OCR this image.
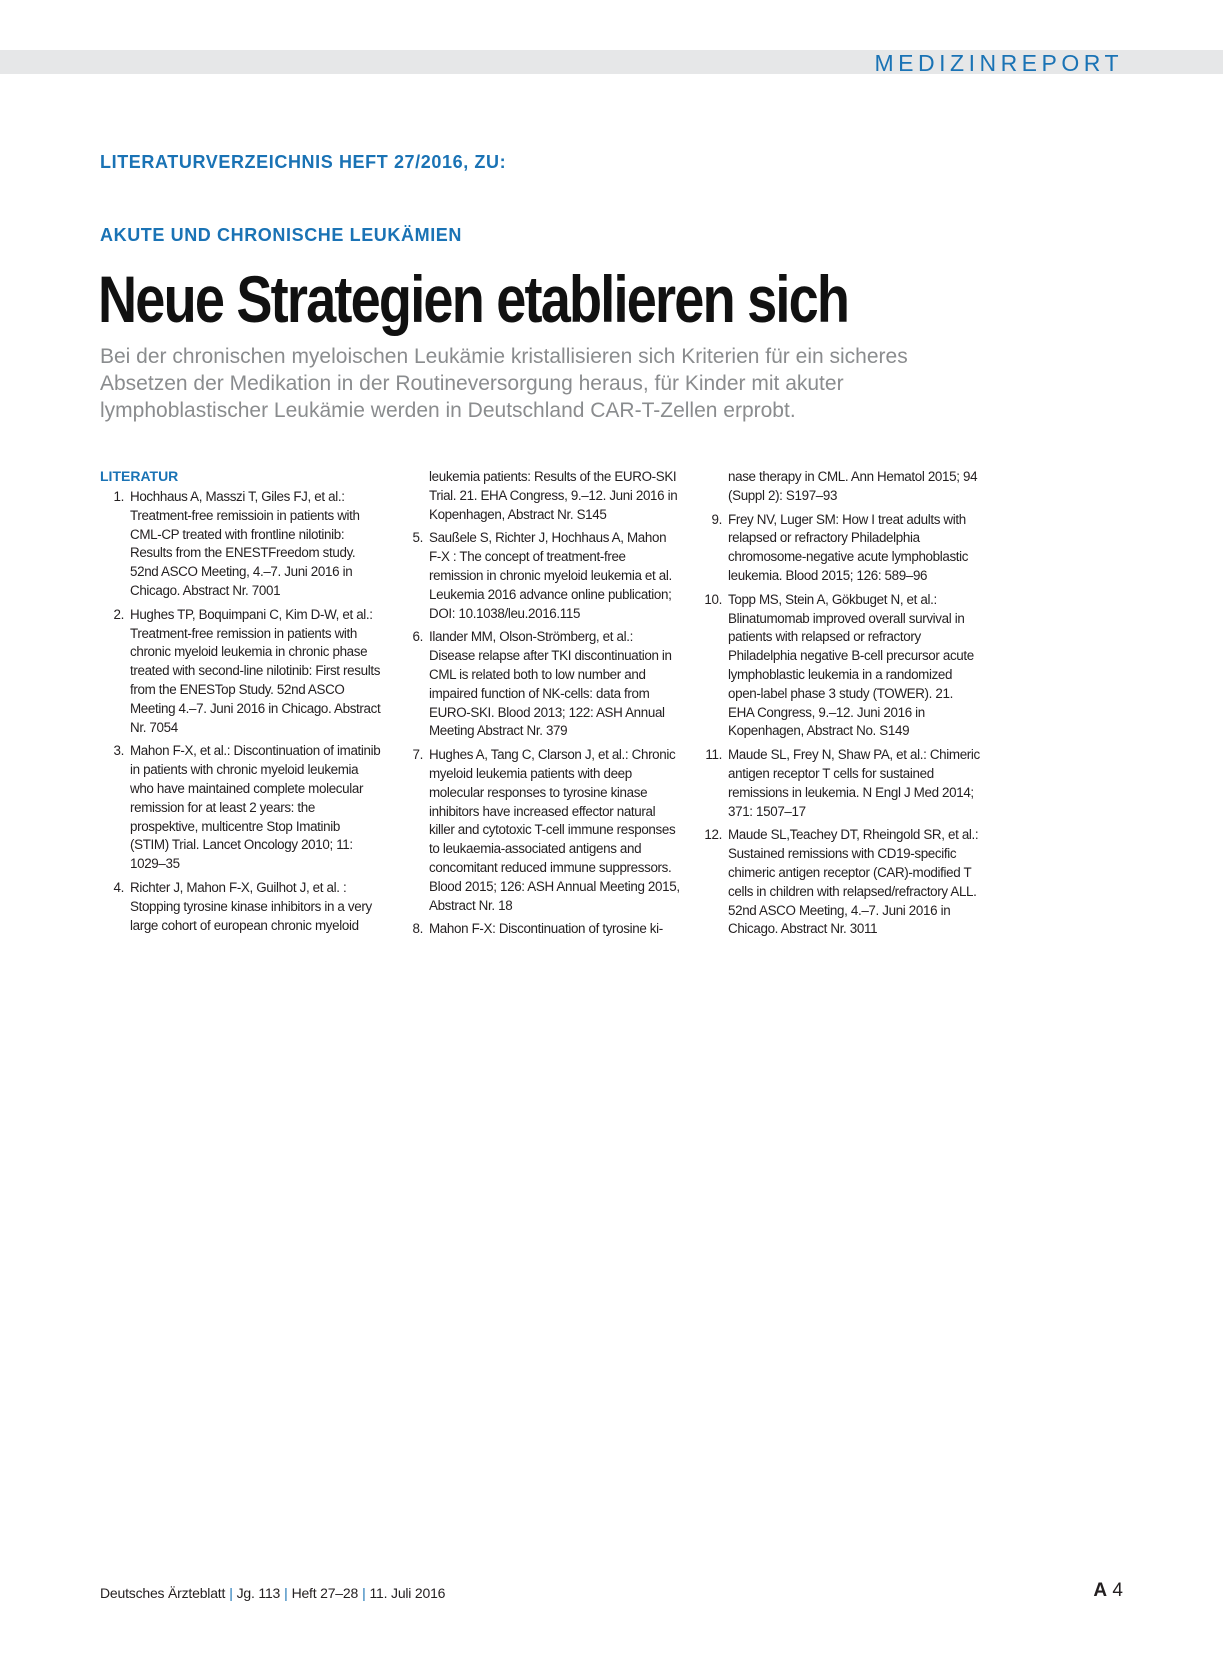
MEDIZINREPORT
LITERATURVERZEICHNIS HEFT 27/2016, ZU:
AKUTE UND CHRONISCHE LEUKÄMIEN
Neue Strategien etablieren sich
Bei der chronischen myeloischen Leukämie kristallisieren sich Kriterien für ein sicheres Absetzen der Medikation in der Routineversorgung heraus, für Kinder mit akuter lymphoblastischer Leukämie werden in Deutschland CAR-T-Zellen erprobt.
LITERATUR
1. Hochhaus A, Masszi T, Giles FJ, et al.: Treatment-free remissioin in patients with CML-CP treated with frontline nilotinib: Results from the ENESTFreedom study. 52nd ASCO Meeting, 4.–7. Juni 2016 in Chicago. Abstract Nr. 7001
2. Hughes TP, Boquimpani C, Kim D-W, et al.: Treatment-free remission in patients with chronic myeloid leukemia in chronic phase treated with second-line nilotinib: First results from the ENESTop Study. 52nd ASCO Meeting 4.–7. Juni 2016 in Chicago. Abstract Nr. 7054
3. Mahon F-X, et al.: Discontinuation of imatinib in patients with chronic myeloid leukemia who have maintained complete molecular remission for at least 2 years: the prospektive, multicentre Stop Imatinib (STIM) Trial. Lancet Oncology 2010; 11: 1029–35
4. Richter J, Mahon F-X, Guilhot J, et al. : Stopping tyrosine kinase inhibitors in a very large cohort of european chronic myeloid
leukemia patients: Results of the EURO-SKI Trial. 21. EHA Congress, 9.–12. Juni 2016 in Kopenhagen, Abstract Nr. S145
5. Saußele S, Richter J, Hochhaus A, Mahon F-X : The concept of treatment-free remission in chronic myeloid leukemia et al. Leukemia 2016 advance online publication; DOI: 10.1038/leu.2016.115
6. Ilander MM, Olson-Strömberg, et al.: Disease relapse after TKI discontinuation in CML is related both to low number and impaired function of NK-cells: data from EURO-SKI. Blood 2013; 122: ASH Annual Meeting Abstract Nr. 379
7. Hughes A, Tang C, Clarson J, et al.: Chronic myeloid leukemia patients with deep molecular responses to tyrosine kinase inhibitors have increased effector natural killer and cytotoxic T-cell immune responses to leukaemia-associated antigens and concomitant reduced immune suppressors. Blood 2015; 126: ASH Annual Meeting 2015, Abstract Nr. 18
8. Mahon F-X: Discontinuation of tyrosine ki-
nase therapy in CML. Ann Hematol 2015; 94 (Suppl 2): S197–93
9. Frey NV, Luger SM: How I treat adults with relapsed or refractory Philadelphia chromosome-negative acute lymphoblastic leukemia. Blood 2015; 126: 589–96
10. Topp MS, Stein A, Gökbuget N, et al.: Blinatumomab improved overall survival in patients with relapsed or refractory Philadelphia negative B-cell precursor acute lymphoblastic leukemia in a randomized open-label phase 3 study (TOWER). 21. EHA Congress, 9.–12. Juni 2016 in Kopenhagen, Abstract No. S149
11. Maude SL, Frey N, Shaw PA, et al.: Chimeric antigen receptor T cells for sustained remissions in leukemia. N Engl J Med 2014; 371: 1507–17
12. Maude SL,Teachey DT, Rheingold SR, et al.: Sustained remissions with CD19-specific chimeric antigen receptor (CAR)-modified T cells in children with relapsed/refractory ALL. 52nd ASCO Meeting, 4.–7. Juni 2016 in Chicago. Abstract Nr. 3011
Deutsches Ärzteblatt | Jg. 113 | Heft 27–28 | 11. Juli 2016	A 4
